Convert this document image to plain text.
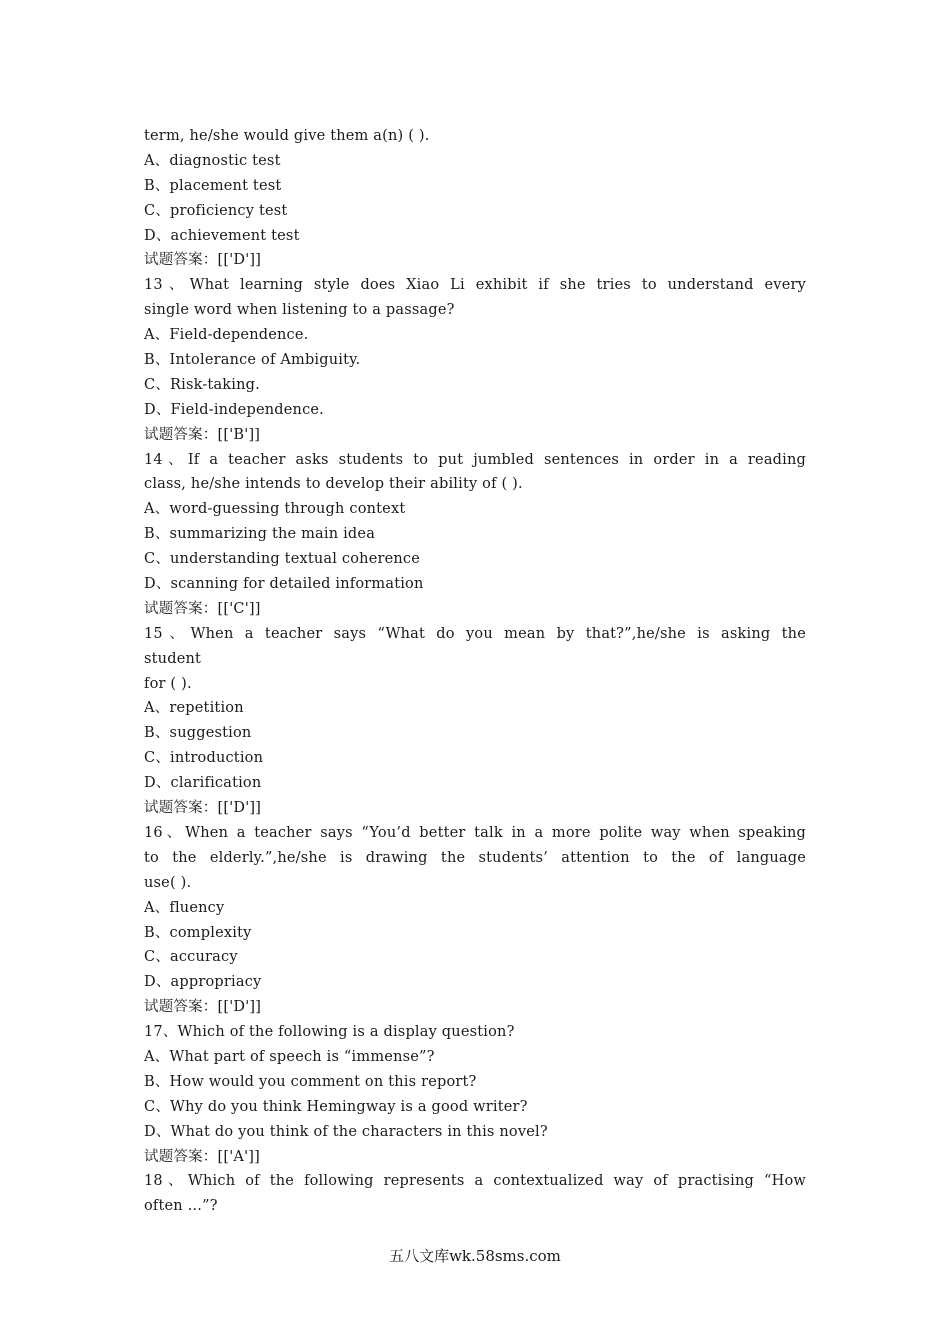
term, he/she would give them a(n) ( ).
A、diagnostic test
B、placement test
C、proficiency test
D、achievement test
试题答案：[['D']]
13、What learning style does Xiao Li exhibit if she tries to understand every
single word when listening to a passage?
A、Field-dependence.
B、Intolerance of Ambiguity.
C、Risk-taking.
D、Field-independence.
试题答案：[['B']]
14、If a teacher asks students to put jumbled sentences in order in a reading
class, he/she intends to develop their ability of ( ).
A、word-guessing through context
B、summarizing the main idea
C、understanding textual coherence
D、scanning for detailed information
试题答案：[['C']]
15、When a teacher says “What do you mean by that?”,he/she is asking the
student
for ( ).
A、repetition
B、suggestion
C、introduction
D、clarification
试题答案：[['D']]
16、When a teacher says “You’d better talk in a more polite way when speaking
to the elderly.”,he/she is drawing the students’ attention to the of language
use( ).
A、fluency
B、complexity
C、accuracy
D、appropriacy
试题答案：[['D']]
17、Which of the following is a display question?
A、What part of speech is “immense”?
B、How would you comment on this report?
C、Why do you think Hemingway is a good writer?
D、What do you think of the characters in this novel?
试题答案：[['A']]
18、Which of the following represents a contextualized way of practising “How
often ...”?
五八文库wk.58sms.com
